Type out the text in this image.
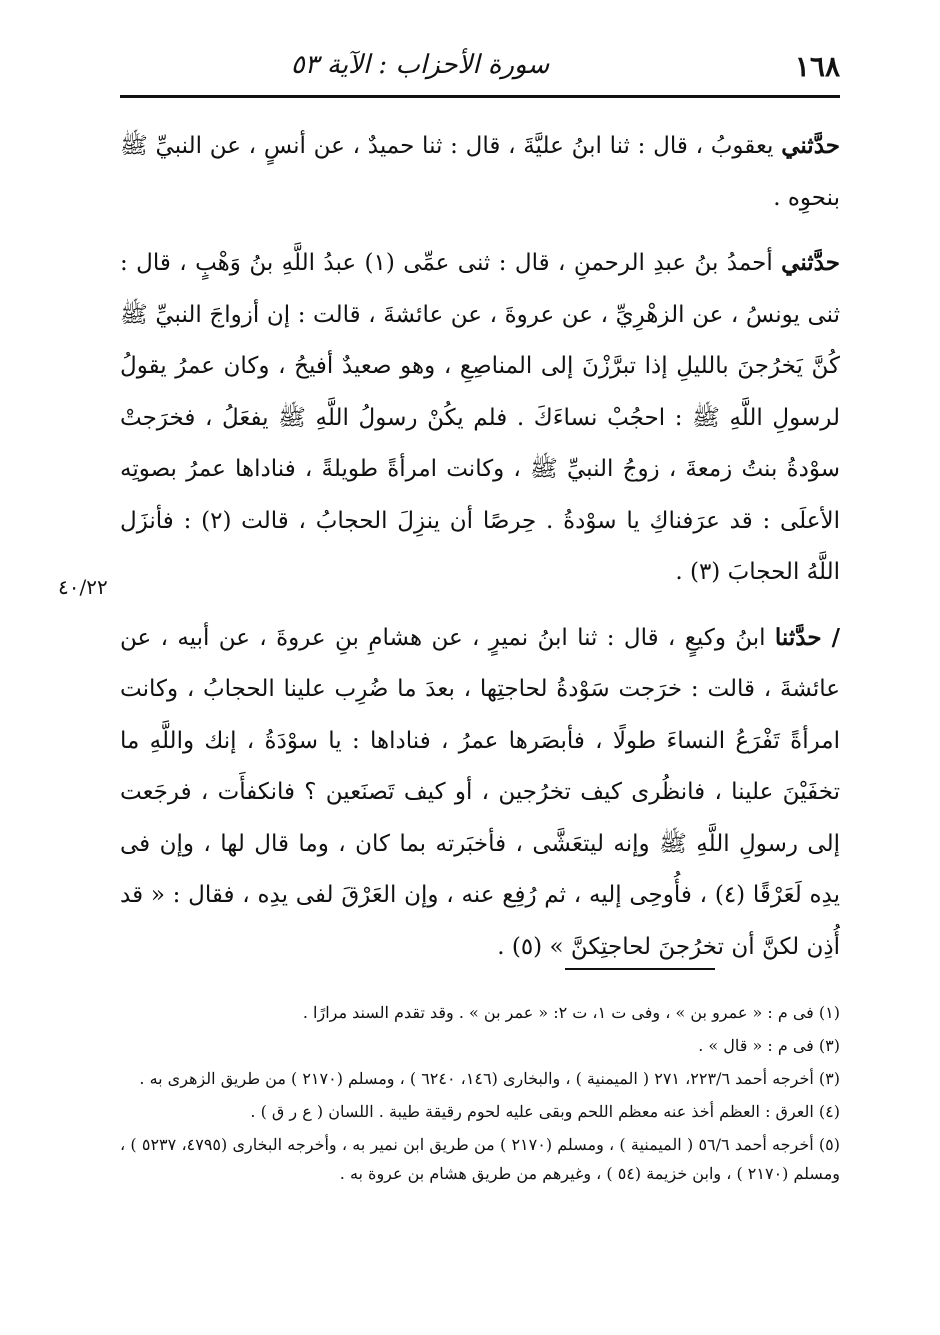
١٦٨
سورة الأحزاب : الآية ٥٣
٤٠/٢٢

حدَّثني يعقوبُ ، قال : ثنا ابنُ عليَّةَ ، قال : ثنا حميدٌ ، عن أنسٍ ، عن النبيِّ ﷺ بنحوِه .

حدَّثني أحمدُ بنُ عبدِ الرحمنِ ، قال : ثنى عمِّى (١) عبدُ اللَّهِ بنُ وَهْبٍ ، قال : ثنى يونسُ ، عن الزهْرِيِّ ، عن عروةَ ، عن عائشةَ ، قالت : إن أزواجَ النبيِّ ﷺ كُنَّ يَخرُجنَ بالليلِ إذا تبرَّزْنَ إلى المناصِعِ ، وهو صعيدٌ أفيحُ ، وكان عمرُ يقولُ لرسولِ اللَّهِ ﷺ : احجُبْ نساءَكَ . فلم يكُنْ رسولُ اللَّهِ ﷺ يفعَلُ ، فخرَجتْ سوْدةُ بنتُ زمعةَ ، زوجُ النبيِّ ﷺ ، وكانت امرأةً طويلةً ، فناداها عمرُ بصوتِه الأعلَى : قد عرَفناكِ يا سوْدةُ . حِرصًا أن ينزِلَ الحجابُ ، قالت (٢) : فأنزَل اللَّهُ الحجابَ (٣) .

/ حدَّثنا ابنُ وكيعٍ ، قال : ثنا ابنُ نميرٍ ، عن هشامِ بنِ عروةَ ، عن أبيه ، عن عائشةَ ، قالت : خرَجت سَوْدةُ لحاجتِها ، بعدَ ما ضُرِب علينا الحجابُ ، وكانت امرأةً تَفْرَعُ النساءَ طولًا ، فأبصَرها عمرُ ، فناداها : يا سوْدَةُ ، إنك واللَّهِ ما تخفَيْنَ علينا ، فانظُرى كيف تخرُجين ، أو كيف تَصنَعين ؟ فانكفأَت ، فرجَعت إلى رسولِ اللَّهِ ﷺ وإنه ليتعَشَّى ، فأخبَرته بما كان ، وما قال لها ، وإن فى يدِه لَعَرْقًا (٤) ، فأُوحِى إليه ، ثم رُفِع عنه ، وإن العَرْقَ لفى يدِه ، فقال : « قد أُذِن لكنَّ أن تخرُجنَ لحاجتِكنَّ » (٥) .

(١) فى م : « عمرو بن » ، وفى ت ١، ت ٢: « عمر بن » . وقد تقدم السند مرارًا .

(٣) فى م : « قال » .

(٣) أخرجه أحمد ٢٢٣/٦، ٢٧١ ( الميمنية ) ، والبخارى (١٤٦، ٦٢٤٠ ) ، ومسلم (٢١٧٠ ) من طريق الزهرى به .

(٤) العرق : العظم أخذ عنه معظم اللحم وبقى عليه لحوم رقيقة طيبة . اللسان ( ع ر ق ) .

(٥) أخرجه أحمد ٥٦/٦ ( الميمنية ) ، ومسلم (٢١٧٠ ) من طريق ابن نمير به ، وأخرجه البخارى (٤٧٩٥، ٥٢٣٧ ) ، ومسلم (٢١٧٠ ) ، وابن خزيمة (٥٤ ) ، وغيرهم من طريق هشام بن عروة به .
